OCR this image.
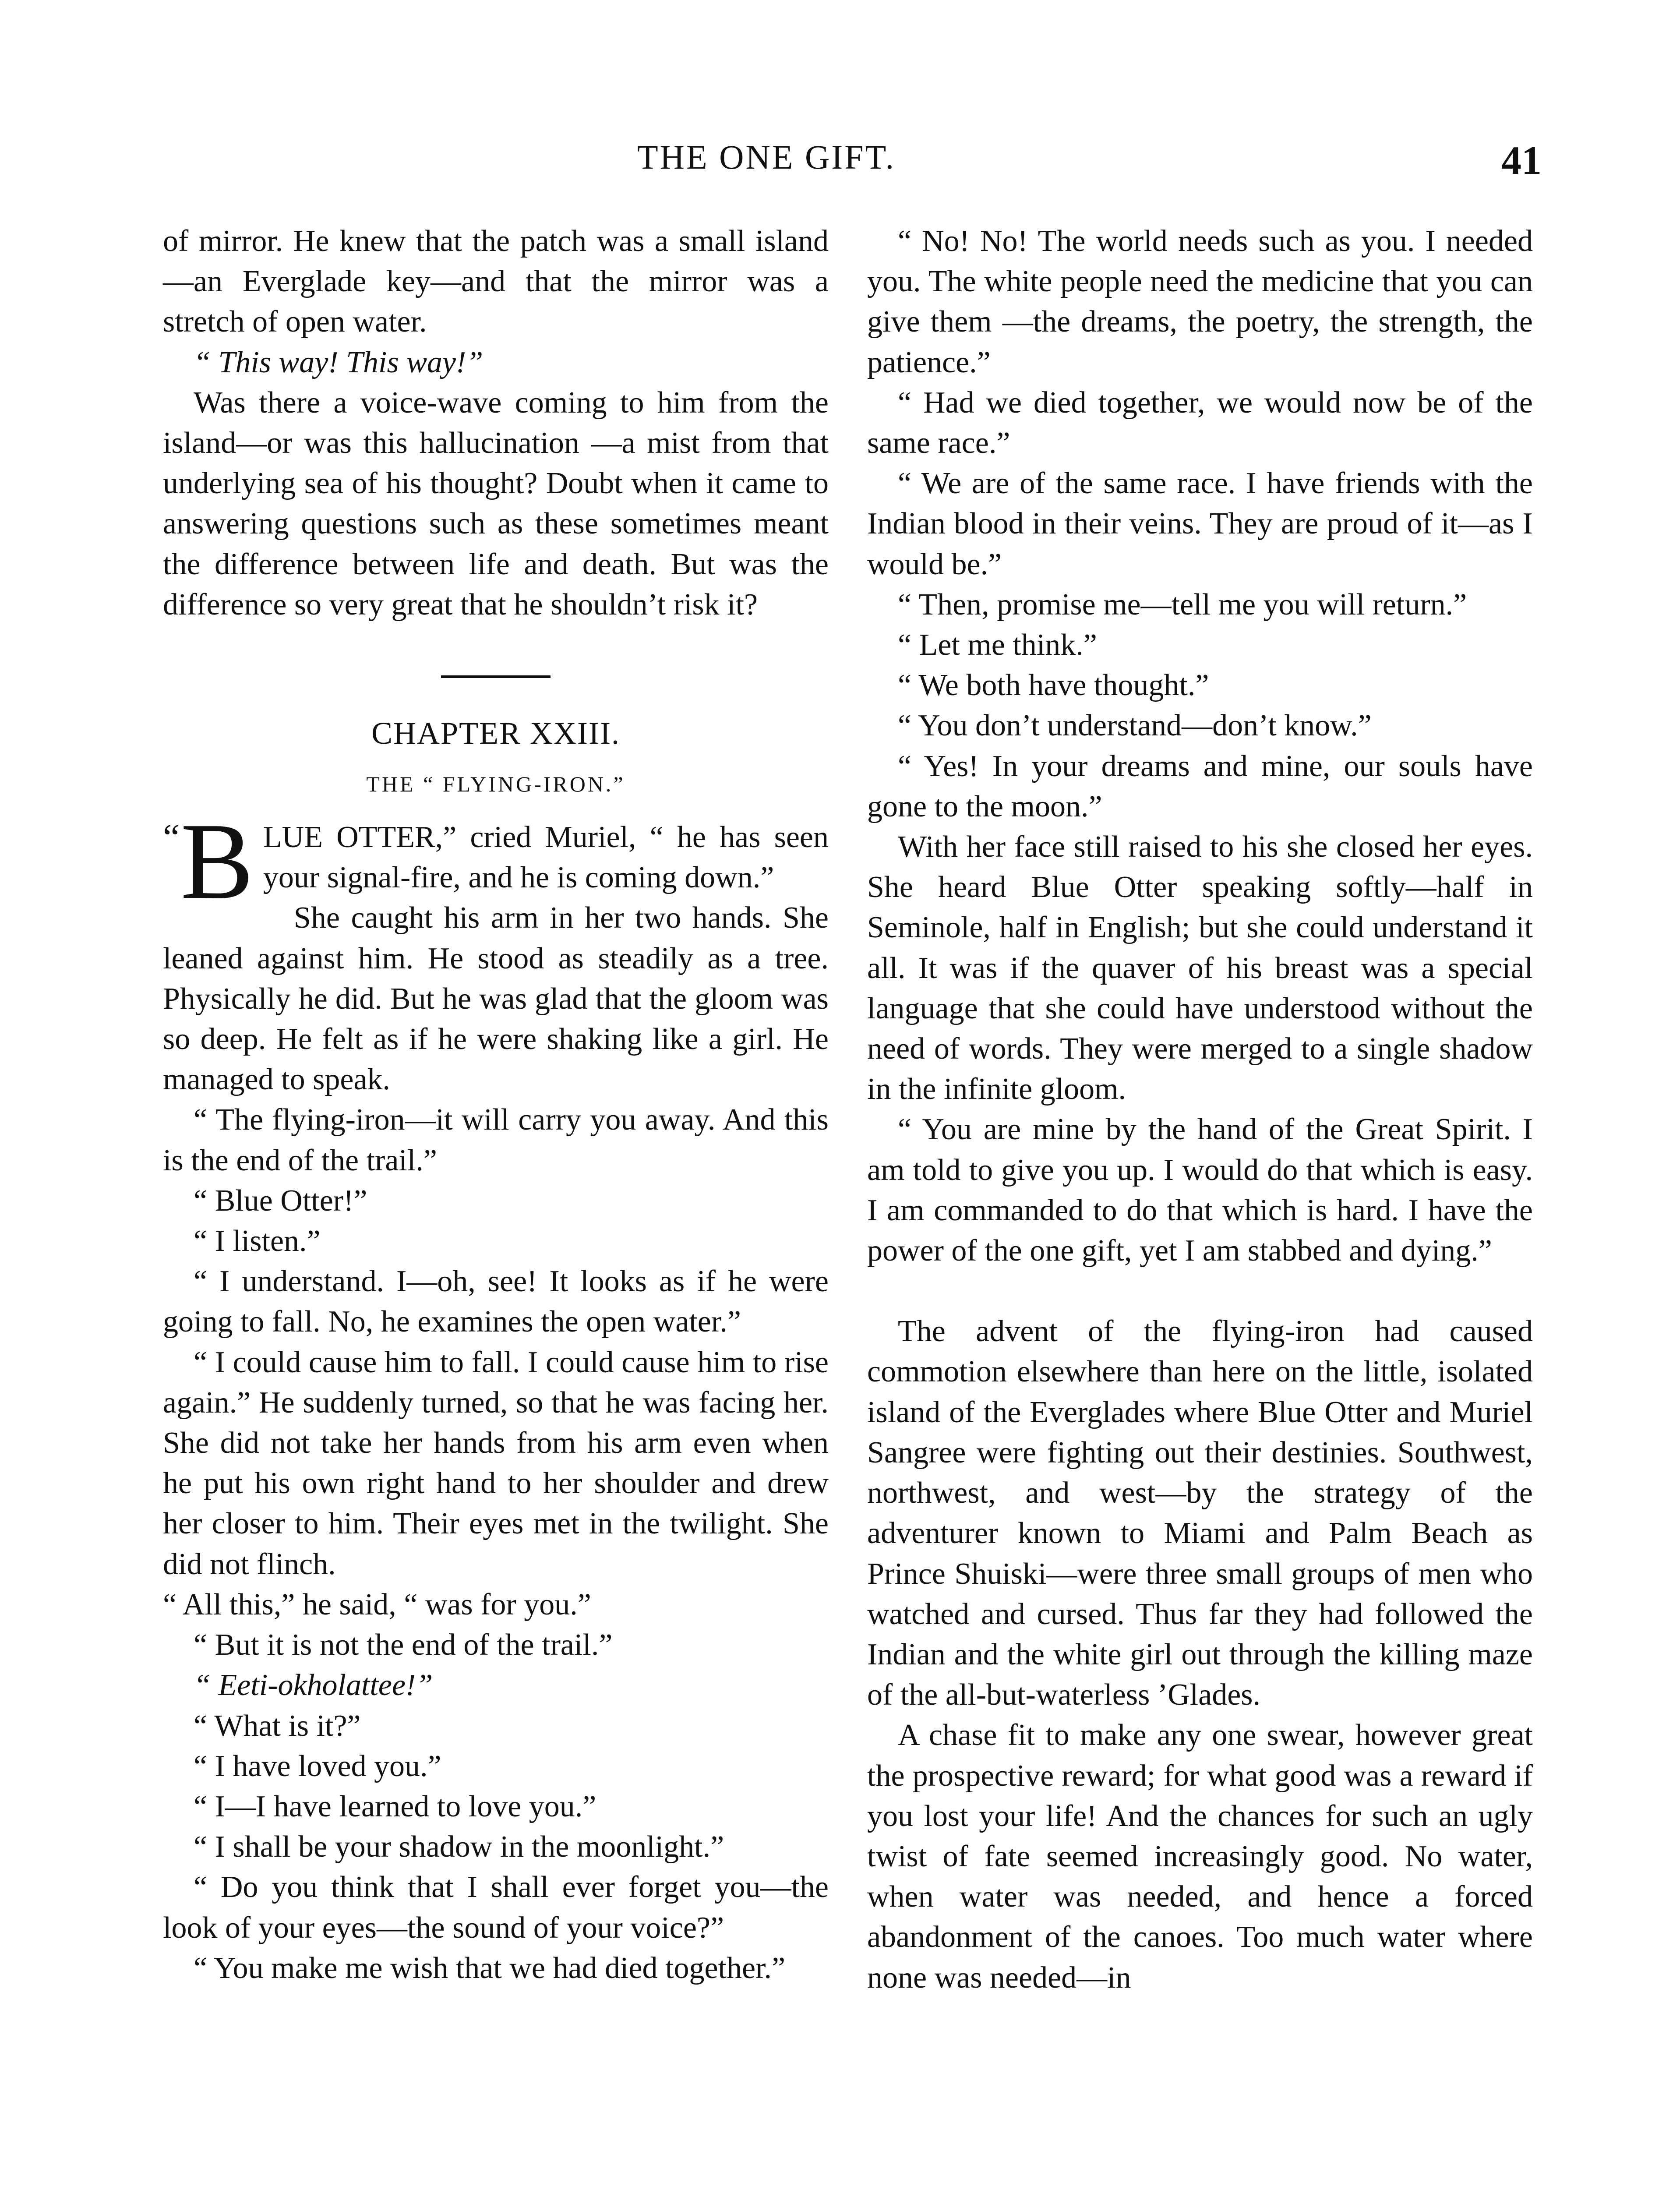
THE ONE GIFT.	41

of mirror. He knew that the patch was a small island—an Everglade key—and that the mirror was a stretch of open water.

“ This way! This way!”

Was there a voice-wave coming to him from the island—or was this hallucination —a mist from that underlying sea of his thought? Doubt when it came to answering questions such as these sometimes meant the difference between life and death. But was the difference so very great that he shouldn’t risk it?

CHAPTER XXIII.

THE “ FLYING-IRON.”

“ B LUE OTTER,” cried Muriel, “ he has seen your signal-fire, and he is coming down.”

She caught his arm in her two hands. She leaned against him. He stood as steadily as a tree. Physically he did. But he was glad that the gloom was so deep. He felt as if he were shaking like a girl. He managed to speak.

“ The flying-iron—it will carry you away. And this is the end of the trail.”

“ Blue Otter!”

“ I listen.”

“ I understand. I—oh, see! It looks as if he were going to fall. No, he examines the open water.”

“ I could cause him to fall. I could cause him to rise again.” He suddenly turned, so that he was facing her. She did not take her hands from his arm even when he put his own right hand to her shoulder and drew her closer to him. Their eyes met in the twilight. She did not flinch.

“ All this,” he said, “ was for you.”

“ But it is not the end of the trail.”

“ Eeti-okholattee!”

“ What is it?”

“ I have loved you.”

“ I—I have learned to love you.”

“ I shall be your shadow in the moonlight.”

“ Do you think that I shall ever forget you—the look of your eyes—the sound of your voice?”

“ You make me wish that we had died together.”

“ No! No! The world needs such as you. I needed you. The white people need the medicine that you can give them —the dreams, the poetry, the strength, the patience.”

“ Had we died together, we would now be of the same race.”

“ We are of the same race. I have friends with the Indian blood in their veins. They are proud of it—as I would be.”

“ Then, promise me—tell me you will return.”

“ Let me think.”

“ We both have thought.”

“ You don’t understand—don’t know.”

“ Yes! In your dreams and mine, our souls have gone to the moon.”

With her face still raised to his she closed her eyes. She heard Blue Otter speaking softly—half in Seminole, half in English; but she could understand it all. It was if the quaver of his breast was a special language that she could have understood without the need of words. They were merged to a single shadow in the infinite gloom.

“ You are mine by the hand of the Great Spirit. I am told to give you up. I would do that which is easy. I am commanded to do that which is hard. I have the power of the one gift, yet I am stabbed and dying.”

The advent of the flying-iron had caused commotion elsewhere than here on the little, isolated island of the Everglades where Blue Otter and Muriel Sangree were fighting out their destinies. Southwest, northwest, and west—by the strategy of the adventurer known to Miami and Palm Beach as Prince Shuiski—were three small groups of men who watched and cursed. Thus far they had followed the Indian and the white girl out through the killing maze of the all-but-waterless ’Glades.

A chase fit to make any one swear, however great the prospective reward; for what good was a reward if you lost your life! And the chances for such an ugly twist of fate seemed increasingly good. No water, when water was needed, and hence a forced abandonment of the canoes. Too much water where none was needed—in
